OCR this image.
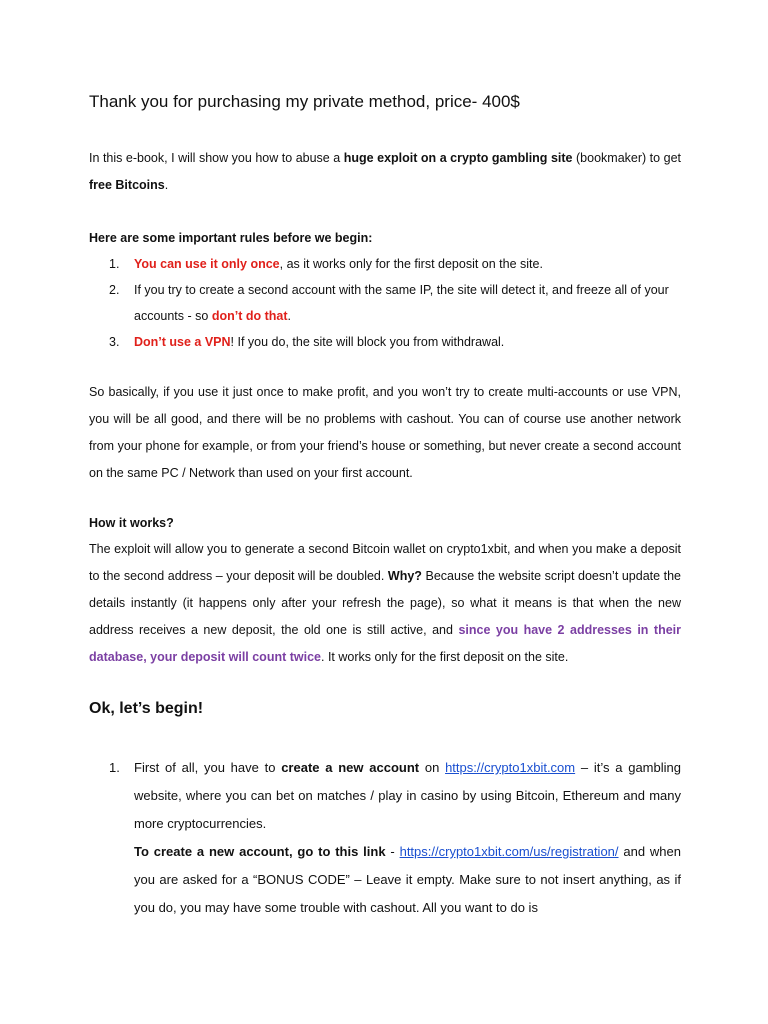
Thank you for purchasing my private method, price- 400$

In this e-book, I will show you how to abuse a huge exploit on a crypto gambling site (bookmaker) to get free Bitcoins.

Here are some important rules before we begin:
1.	You can use it only once, as it works only for the first deposit on the site.
2.	If you try to create a second account with the same IP, the site will detect it, and freeze all of your accounts - so don’t do that.
3.	Don’t use a VPN! If you do, the site will block you from withdrawal.

So basically, if you use it just once to make profit, and you won’t try to create multi-accounts or use VPN, you will be all good, and there will be no problems with cashout. You can of course use another network from your phone for example, or from your friend’s house or something, but never create a second account on the same PC / Network than used on your first account.

How it works?

The exploit will allow you to generate a second Bitcoin wallet on crypto1xbit, and when you make a deposit to the second address – your deposit will be doubled. Why? Because the website script doesn’t update the details instantly (it happens only after your refresh the page), so what it means is that when the new address receives a new deposit, the old one is still active, and since you have 2 addresses in their database, your deposit will count twice. It works only for the first deposit on the site.

Ok, let’s begin!
1.	First of all, you have to create a new account on https://crypto1xbit.com – it’s a gambling website, where you can bet on matches / play in casino by using Bitcoin, Ethereum and many more cryptocurrencies.

To create a new account, go to this link - https://crypto1xbit.com/us/registration/ and when you are asked for a “BONUS CODE” – Leave it empty. Make sure to not insert anything, as if you do, you may have some trouble with cashout. All you want to do is
